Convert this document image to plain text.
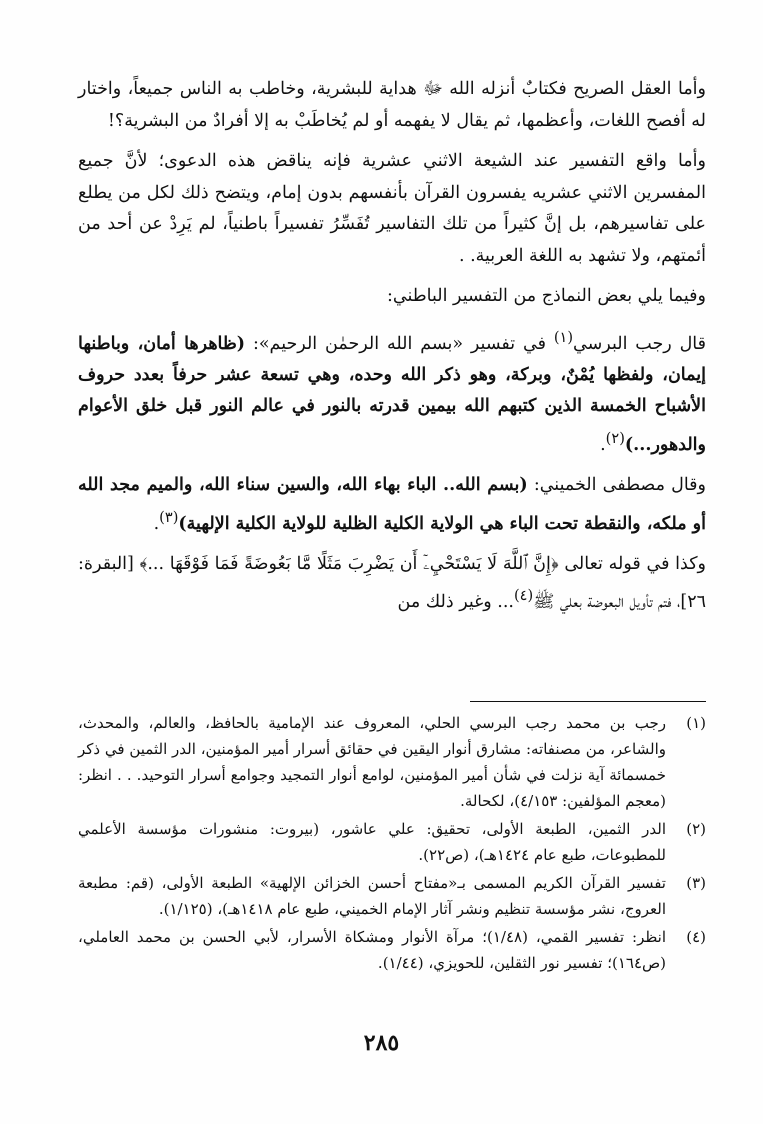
وأما العقل الصريح فكتابٌ أنزله الله ﷻ هداية للبشرية، وخاطب به الناس جميعاً، واختار له أفصح اللغات، وأعظمها، ثم يقال لا يفهمه أو لم يُخاطَبْ به إلا أفرادٌ من البشرية؟!

وأما واقع التفسير عند الشيعة الاثني عشرية فإنه يناقض هذه الدعوى؛ لأنَّ جميع المفسرين الاثني عشريه يفسرون القرآن بأنفسهم بدون إمام، ويتضح ذلك لكل من يطلع على تفاسيرهم، بل إنَّ كثيراً من تلك التفاسير تُفَسِّرُ تفسيراً باطنياً، لم يَرِدْ عن أحد من أئمتهم، ولا تشهد به اللغة العربية. .

وفيما يلي بعض النماذج من التفسير الباطني:

قال رجب البرسي$^{(١)}$ في تفسير «بسم الله الرحمٰن الرحيم»: (ظاهرها أمان، وباطنها إيمان، ولفظها يُمْنٌ، وبركة، وهو ذكر الله وحده، وهي تسعة عشر حرفاً بعدد حروف الأشباح الخمسة الذين كتبهم الله بيمين قدرته بالنور في عالم النور قبل خلق الأعوام والدهور...)$^{(٢)}$.

وقال مصطفى الخميني: (بسم الله.. الباء بهاء الله، والسين سناء الله، والميم مجد الله أو ملكه، والنقطة تحت الباء هي الولاية الكلية الظلية للولاية الكلية الإلهية)$^{(٣)}$.

وكذا في قوله تعالى ﴿إِنَّ ٱللَّهَ لَا يَسْتَحْيِۦٓ أَن يَضْرِبَ مَثَلًا مَّا بَعُوضَةً فَمَا فَوْقَهَا ...﴾ [البقرة: ٢٦]، فتم تأويل البعوضة بعلي ﷺ$^{(٤)}$... وغير ذلك من

(١)
رجب بن محمد رجب البرسي الحلي، المعروف عند الإمامية بالحافظ، والعالم، والمحدث، والشاعر، من مصنفاته: مشارق أنوار اليقين في حقائق أسرار أمير المؤمنين، الدر الثمين في ذكر خمسمائة آية نزلت في شأن أمير المؤمنين، لوامع أنوار التمجيد وجوامع أسرار التوحيد. . . انظر: (معجم المؤلفين: ٤/١٥٣)، لكحالة.
(٢)
الدر الثمين، الطبعة الأولى، تحقيق: علي عاشور، (بيروت: منشورات مؤسسة الأعلمي للمطبوعات، طبع عام ١٤٢٤هـ)، (ص٢٢).
(٣)
تفسير القرآن الكريم المسمى بـ«مفتاح أحسن الخزائن الإلهية» الطبعة الأولى، (قم: مطبعة العروج، نشر مؤسسة تنظيم ونشر آثار الإمام الخميني، طبع عام ١٤١٨هـ)، (١/١٢٥).
(٤)
انظر: تفسير القمي، (١/٤٨)؛ مرآة الأنوار ومشكاة الأسرار، لأبي الحسن بن محمد العاملي، (ص١٦٤)؛ تفسير نور الثقلين، للحويزي، (١/٤٤).
٢٨٥
